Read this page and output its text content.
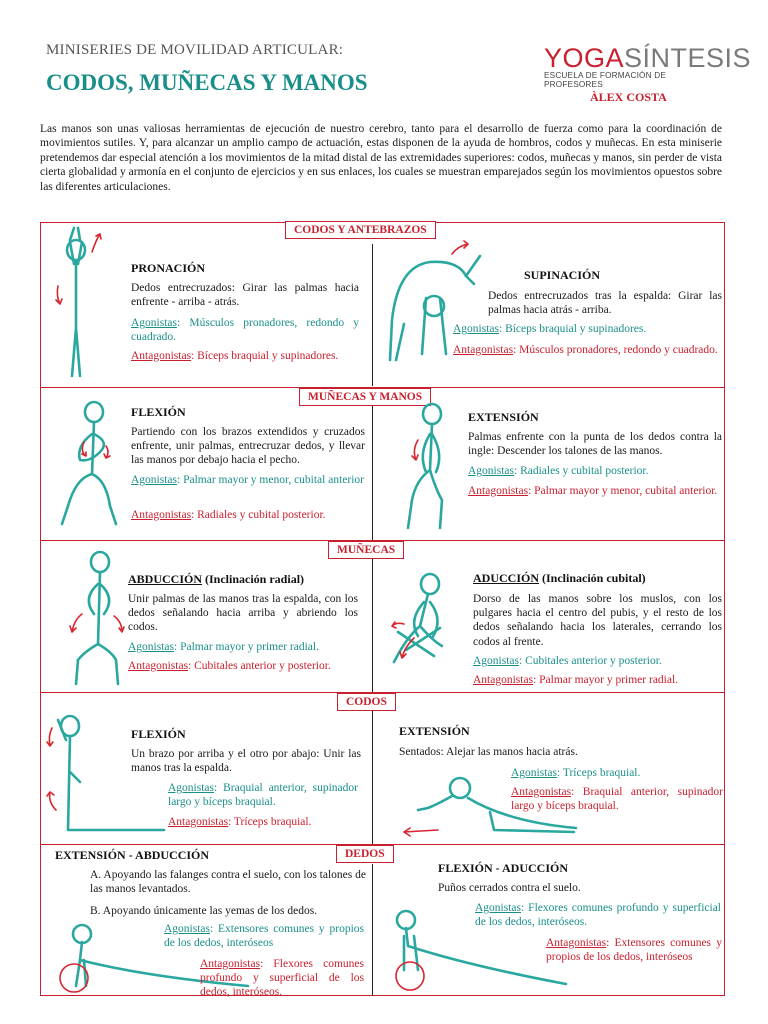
MINISERIES DE MOVILIDAD ARTICULAR:
CODOS, MUÑECAS Y MANOS
YOGASÍNTESIS
ESCUELA DE FORMACIÓN DE PROFESORES
ÀLEX COSTA
Las manos son unas valiosas herramientas de ejecución de nuestro cerebro, tanto para el desarrollo de fuerza como para la coordinación de movimientos sutiles. Y, para alcanzar un amplio campo de actuación, estas disponen de la ayuda de hombros, codos y muñecas. En esta miniserie pretendemos dar especial atención a los movimientos de la mitad distal de las extremidades superiores: codos, muñecas y manos, sin perder de vista cierta globalidad y armonía en el conjunto de ejercicios y en sus enlaces, los cuales se muestran emparejados según los movimientos opuestos sobre las diferentes articulaciones.
CODOS Y ANTEBRAZOS
MUÑECAS Y MANOS
MUÑECAS
CODOS
DEDOS
PRONACIÓN
Dedos entrecruzados: Girar las palmas hacia enfrente - arriba - atrás.
Agonistas: Músculos pronadores, redondo y cuadrado.
Antagonistas: Bíceps braquial y supinadores.
SUPINACIÓN
Dedos entrecruzados tras la espalda: Girar las palmas hacia atrás - arriba.
Agonistas: Bíceps braquial y supinadores.
Antagonistas: Músculos pronadores, redondo y cuadrado.
FLEXIÓN
Partiendo con los brazos extendidos y cruzados enfrente, unir palmas, entrecruzar dedos, y llevar las manos por debajo hacia el pecho.
Agonistas: Palmar mayor y menor, cubital anterior
Antagonistas: Radiales y cubital posterior.
EXTENSIÓN
Palmas enfrente con la punta de los dedos contra la ingle: Descender los talones de las manos.
Agonistas: Radiales y cubital posterior.
Antagonistas: Palmar mayor y menor, cubital anterior.
ABDUCCIÓN (Inclinación radial)
Unir palmas de las manos tras la espalda, con los dedos señalando hacia arriba y abriendo los codos.
Agonistas: Palmar mayor y primer radial.
Antagonistas: Cubitales anterior y posterior.
ADUCCIÓN (Inclinación cubital)
Dorso de las manos sobre los muslos, con los pulgares hacia el centro del pubis, y el resto de los dedos señalando hacia los laterales, cerrando los codos al frente.
Agonistas: Cubitales anterior y posterior.
Antagonistas: Palmar mayor y primer radial.
FLEXIÓN
Un brazo por arriba y el otro por abajo: Unir las manos tras la espalda.
Agonistas: Braquial anterior, supinador largo y bíceps braquial.
Antagonistas: Tríceps braquial.
EXTENSIÓN
Sentados: Alejar las manos hacia atrás.
Agonistas: Tríceps braquial.
Antagonistas: Braquial anterior, supinador largo y bíceps braquial.
EXTENSIÓN - ABDUCCIÓN
A. Apoyando las falanges contra el suelo, con los talones de las manos levantados.
B. Apoyando únicamente las yemas de los dedos.
Agonistas: Extensores comunes y propios de los dedos, interóseos
Antagonistas: Flexores comunes profundo y superficial de los dedos, interóseos.
FLEXIÓN - ADUCCIÓN
Puños cerrados contra el suelo.
Agonistas: Flexores comunes profundo y superficial de los dedos, interóseos.
Antagonistas: Extensores comunes y propios de los dedos, interóseos
